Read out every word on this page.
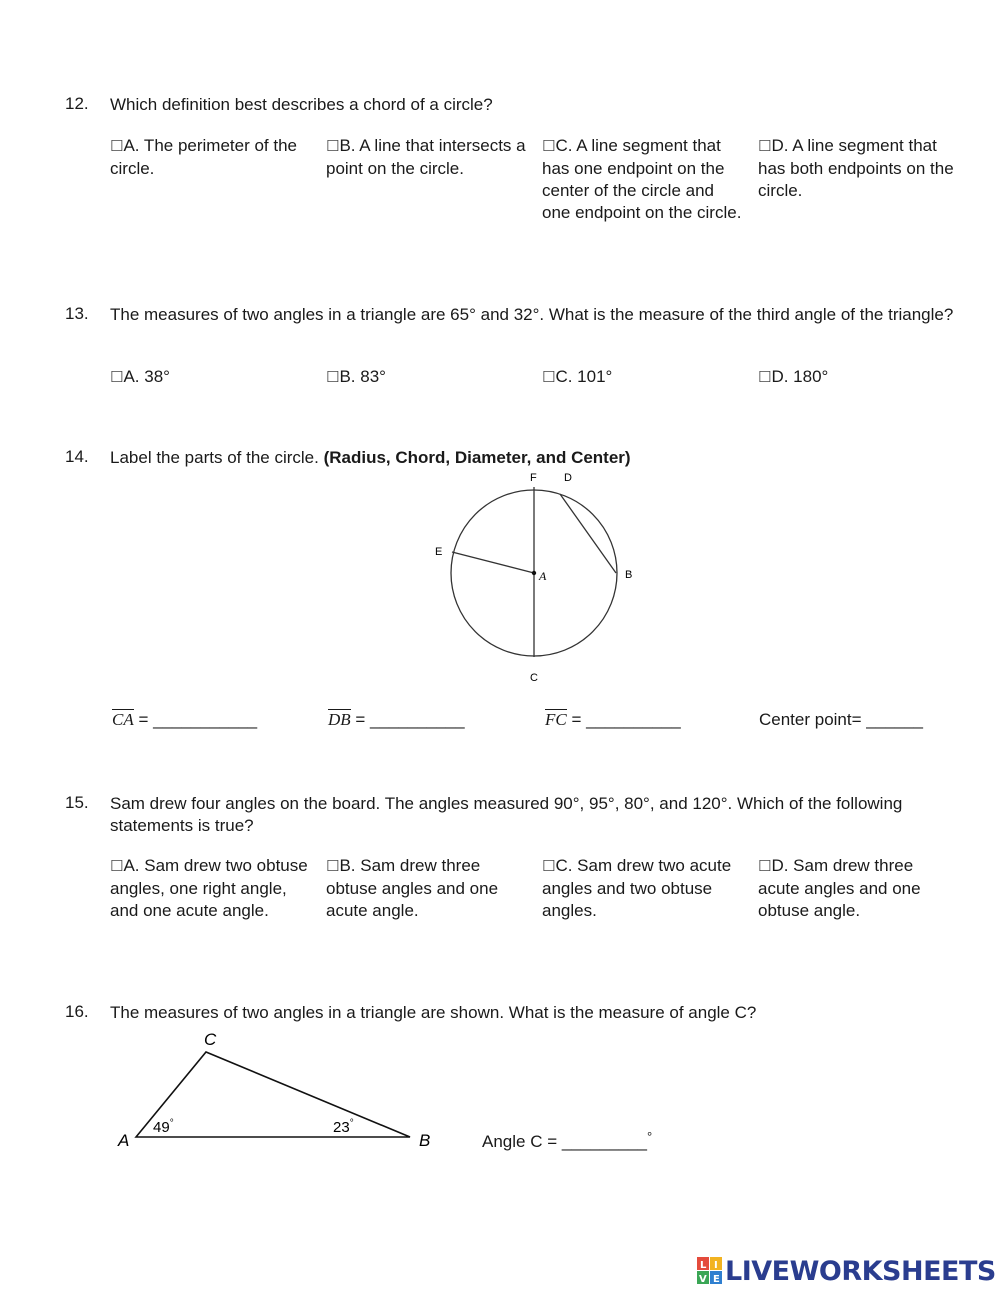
12. Which definition best describes a chord of a circle?
☐A. The perimeter of the circle.
☐B. A line that intersects a point on the circle.
☐C. A line segment that has one endpoint on the center of the circle and one endpoint on the circle.
☐D. A line segment that has both endpoints on the circle.
13. The measures of two angles in a triangle are 65° and 32°. What is the measure of the third angle of the triangle?
☐A. 38°	☐B. 83°	☐C. 101°	☐D. 180°
14. Label the parts of the circle. (Radius, Chord, Diameter, and Center)
F D
E
A	B
C
CA = ___________	DB = __________	FC = __________	Center point= ______
15. Sam drew four angles on the board. The angles measured 90°, 95°, 80°, and 120°. Which of the following statements is true?
☐A. Sam drew two obtuse angles, one right angle, and one acute angle.
☐B. Sam drew three obtuse angles and one acute angle.
☐C. Sam drew two acute angles and two obtuse angles.
☐D. Sam drew three acute angles and one obtuse angle.
16. The measures of two angles in a triangle are shown. What is the measure of angle C?
C
A	B
49°	23°
Angle C = _________°
L I
V E LIVEWORKSHEETS
